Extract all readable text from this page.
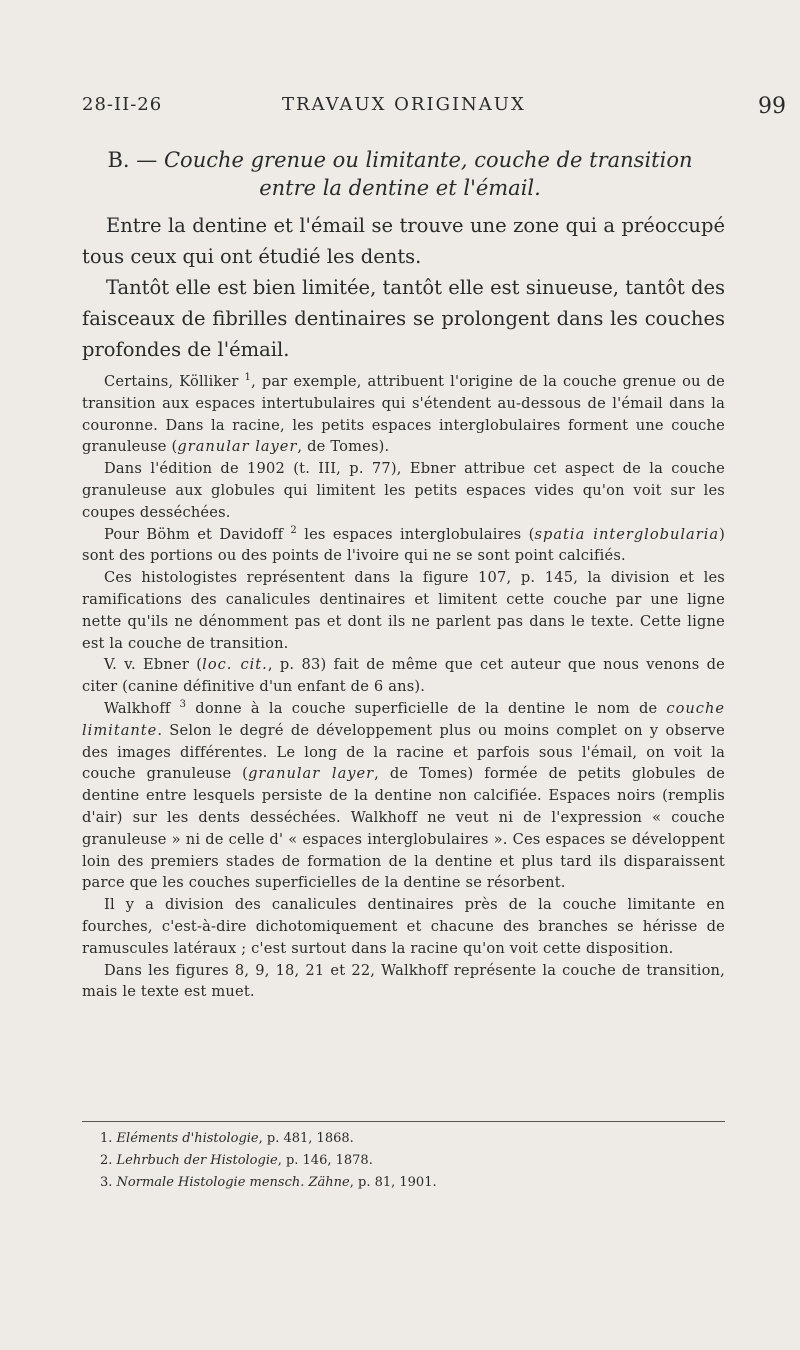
28-II-26	TRAVAUX ORIGINAUX	99
B. — Couche grenue ou limitante, couche de transition
entre la dentine et l'émail.

Entre la dentine et l'émail se trouve une zone qui a préoccupé tous ceux qui ont étudié les dents.

Tantôt elle est bien limitée, tantôt elle est sinueuse, tantôt des faisceaux de fibrilles dentinaires se prolongent dans les couches profondes de l'émail.

Certains, Kölliker $^1$, par exemple, attribuent l'origine de la couche grenue ou de transition aux espaces intertubulaires qui s'étendent au-dessous de l'émail dans la couronne. Dans la racine, les petits espaces interglobulaires forment une couche granuleuse (granular layer, de Tomes).

Dans l'édition de 1902 (t. III, p. 77), Ebner attribue cet aspect de la couche granuleuse aux globules qui limitent les petits espaces vides qu'on voit sur les coupes desséchées.

Pour Böhm et Davidoff $^2$ les espaces interglobulaires (spatia interglobularia) sont des portions ou des points de l'ivoire qui ne se sont point calcifiés.

Ces histologistes représentent dans la figure 107, p. 145, la division et les ramifications des canalicules dentinaires et limitent cette couche par une ligne nette qu'ils ne dénomment pas et dont ils ne parlent pas dans le texte. Cette ligne est la couche de transition.

V. v. Ebner (loc. cit., p. 83) fait de même que cet auteur que nous venons de citer (canine définitive d'un enfant de 6 ans).

Walkhoff $^3$ donne à la couche superficielle de la dentine le nom de couche limitante. Selon le degré de développement plus ou moins complet on y observe des images différentes. Le long de la racine et parfois sous l'émail, on voit la couche granuleuse (granular layer, de Tomes) formée de petits globules de dentine entre lesquels persiste de la dentine non calcifiée. Espaces noirs (remplis d'air) sur les dents desséchées. Walkhoff ne veut ni de l'expression « couche granuleuse » ni de celle d' « espaces interglobulaires ». Ces espaces se développent loin des premiers stades de formation de la dentine et plus tard ils disparaissent parce que les couches superficielles de la dentine se résorbent.

Il y a division des canalicules dentinaires près de la couche limitante en fourches, c'est-à-dire dichotomiquement et chacune des branches se hérisse de ramuscules latéraux ; c'est surtout dans la racine qu'on voit cette disposition.

Dans les figures 8, 9, 18, 21 et 22, Walkhoff représente la couche de transition, mais le texte est muet.

1. Eléments d'histologie, p. 481, 1868.
2. Lehrbuch der Histologie, p. 146, 1878.
3. Normale Histologie mensch. Zähne, p. 81, 1901.
